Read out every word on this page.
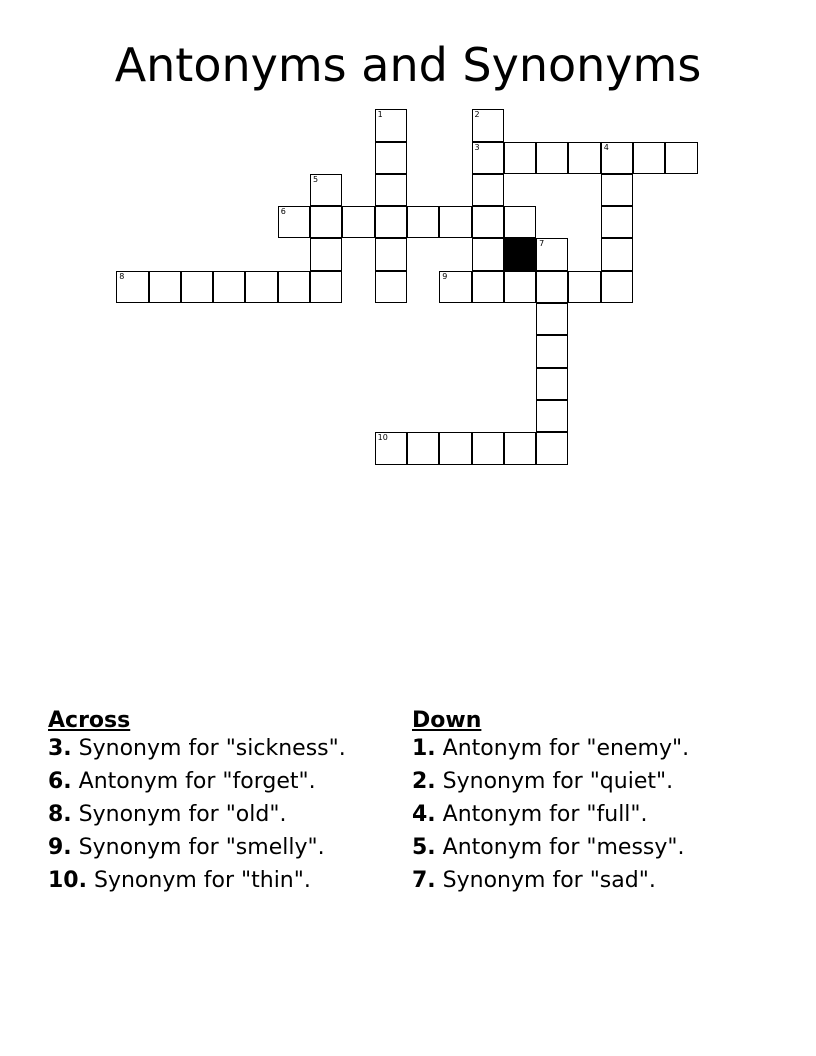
Antonyms and Synonyms
1	2
3	4
5
6
7
8	9
10
Across
3. Synonym for "sickness".
6. Antonym for "forget".
8. Synonym for "old".
9. Synonym for "smelly".
10. Synonym for "thin".
Down
1. Antonym for "enemy".
2. Synonym for "quiet".
4. Antonym for "full".
5. Antonym for "messy".
7. Synonym for "sad".
